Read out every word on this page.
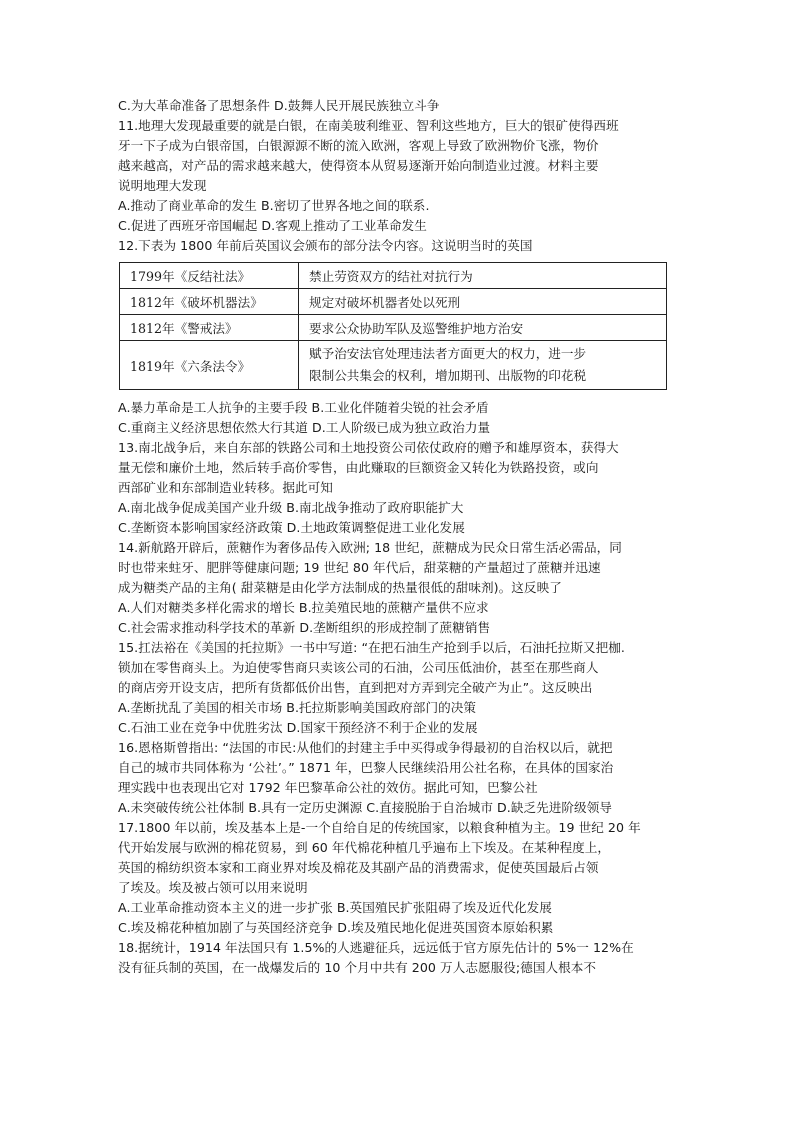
C.为大革命准备了思想条件 D.鼓舞人民开展民族独立斗争
11.地理大发现最重要的就是白银，在南美玻利维亚、智利这些地方，巨大的银矿使得西班
牙一下子成为白银帝国，白银源源不断的流入欧洲，客观上导致了欧洲物价飞涨，物价
越来越高，对产品的需求越来越大，使得资本从贸易逐渐开始向制造业过渡。材料主要
说明地理大发现
A.推动了商业革命的发生 B.密切了世界各地之间的联系.
C.促进了西班牙帝国崛起 D.客观上推动了工业革命发生
12.下表为 1800 年前后英国议会颁布的部分法令内容。这说明当时的英国
1799年《反结社法》	禁止劳资双方的结社对抗行为
1812年《破坏机器法》	规定对破坏机器者处以死刑
1812年《警戒法》	要求公众协助军队及巡警维护地方治安
1819年《六条法令》	赋予治安法官处理违法者方面更大的权力，进一步
限制公共集会的权利，增加期刊、出版物的印花税
A.暴力革命是工人抗争的主要手段 B.工业化伴随着尖锐的社会矛盾
C.重商主义经济思想依然大行其道 D.工人阶级已成为独立政治力量
13.南北战争后，来自东部的铁路公司和土地投资公司依仗政府的赠予和雄厚资本，获得大
量无偿和廉价土地，然后转手高价零售，由此赚取的巨额资金又转化为铁路投资，或向
西部矿业和东部制造业转移。据此可知
A.南北战争促成美国产业升级 B.南北战争推动了政府职能扩大
C.垄断资本影响国家经济政策 D.土地政策调整促进工业化发展
14.新航路开辟后，蔗糖作为奢侈品传入欧洲; 18 世纪，蔗糖成为民众日常生活必需品，同
时也带来蛀牙、肥胖等健康问题; 19 世纪 80 年代后，甜菜糖的产量超过了蔗糖并迅速
成为糖类产品的主角( 甜菜糖是由化学方法制成的热量很低的甜味剂)。这反映了
A.人们对糖类多样化需求的增长 B.拉美殖民地的蔗糖产量供不应求
C.社会需求推动科学技术的革新 D.垄断组织的形成控制了蔗糖销售
15.扛法裕在《美国的托拉斯》一书中写道: “在把石油生产抢到手以后，石油托拉斯又把枷.
锁加在零售商头上。为迫使零售商只卖该公司的石油，公司压低油价，甚至在那些商人
的商店旁开设支店，把所有货都低价出售，直到把对方弄到完全破产为止”。这反映出
A.垄断扰乱了美国的相关市场 B.托拉斯影响美国政府部门的决策
C.石油工业在竞争中优胜劣汰 D.国家干预经济不利于企业的发展
16.恩格斯曾指出: “法国的市民:从他们的封建主手中买得或争得最初的自治权以后，就把
自己的城市共同体称为 ‘公社’。” 1871 年，巴黎人民继续沿用公社名称，在具体的国家治
理实践中也表现出它对 1792 年巴黎革命公社的效仿。据此可知，巴黎公社
A.未突破传统公社体制 B.具有一定历史渊源 C.直接脱胎于自治城市 D.缺乏先进阶级领导
17.1800 年以前，埃及基本上是-一个自给自足的传统国家，以粮食种植为主。19 世纪 20 年
代开始发展与欧洲的棉花贸易，到 60 年代棉花种植几乎遍布上下埃及。在某种程度上，
英国的棉纺织资本家和工商业界对埃及棉花及其副产品的消费需求，促使英国最后占领
了埃及。埃及被占领可以用来说明
A.工业革命推动资本主义的进一步扩张 B.英国殖民扩张阻碍了埃及近代化发展
C.埃及棉花种植加剧了与英国经济竞争 D.埃及殖民地化促进英国资本原始积累
18.据统计，1914 年法国只有 1.5%的人逃避征兵，远远低于官方原先估计的 5%一 12%在
没有征兵制的英国，在一战爆发后的 10 个月中共有 200 万人志愿服役;德国人根本不
